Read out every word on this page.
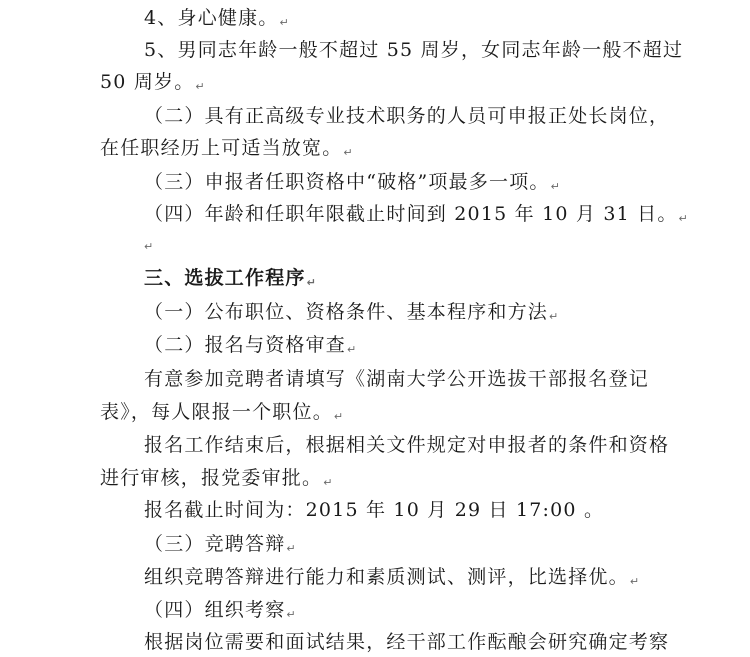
4、身心健康。↵
5、男同志年龄一般不超过 55 周岁，女同志年龄一般不超过
50 周岁。↵
（二）具有正高级专业技术职务的人员可申报正处长岗位，
在任职经历上可适当放宽。↵
（三）申报者任职资格中“破格”项最多一项。↵
（四）年龄和任职年限截止时间到 2015 年 10 月 31 日。↵
↵
三、选拔工作程序↵
（一）公布职位、资格条件、基本程序和方法↵
（二）报名与资格审查↵
有意参加竞聘者请填写《湖南大学公开选拔干部报名登记
表》，每人限报一个职位。↵
报名工作结束后，根据相关文件规定对申报者的条件和资格
进行审核，报党委审批。↵
报名截止时间为：2015 年 10 月 29 日 17:00 。
（三）竞聘答辩↵
组织竞聘答辩进行能力和素质测试、测评，比选择优。↵
（四）组织考察↵
根据岗位需要和面试结果，经干部工作酝酿会研究确定考察
